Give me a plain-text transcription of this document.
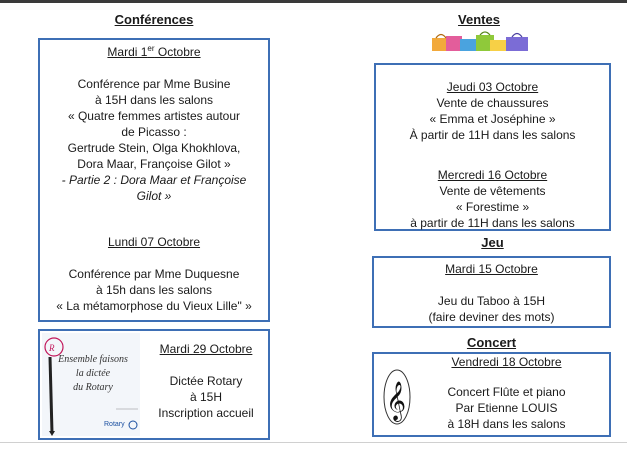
Conférences
Mardi 1er Octobre
Conférence par Mme Busine
à 15H dans les salons
« Quatre femmes artistes autour
de Picasso :
Gertrude Stein, Olga Khokhlova,
Dora Maar, Françoise Gilot »
- Partie 2 : Dora Maar et Françoise
Gilot »
Lundi 07 Octobre
Conférence par Mme Duquesne
à 15h dans les salons
« La métamorphose du Vieux Lille" »
R
Ensemble faisons
la dictée
du Rotary
Rotary
Mardi 29 Octobre
Dictée Rotary
à 15H
Inscription accueil
Ventes
Jeudi 03 Octobre
Vente de chaussures
« Emma et Joséphine »
À partir de 11H dans les salons
Mercredi 16 Octobre
Vente de vêtements
« Forestime »
à partir de 11H dans les salons
Jeu
Mardi 15 Octobre
Jeu du Taboo à 15H
(faire deviner des mots)
Concert
𝄞
Vendredi 18 Octobre
Concert Flûte et piano
Par Etienne LOUIS
à 18H dans les salons
